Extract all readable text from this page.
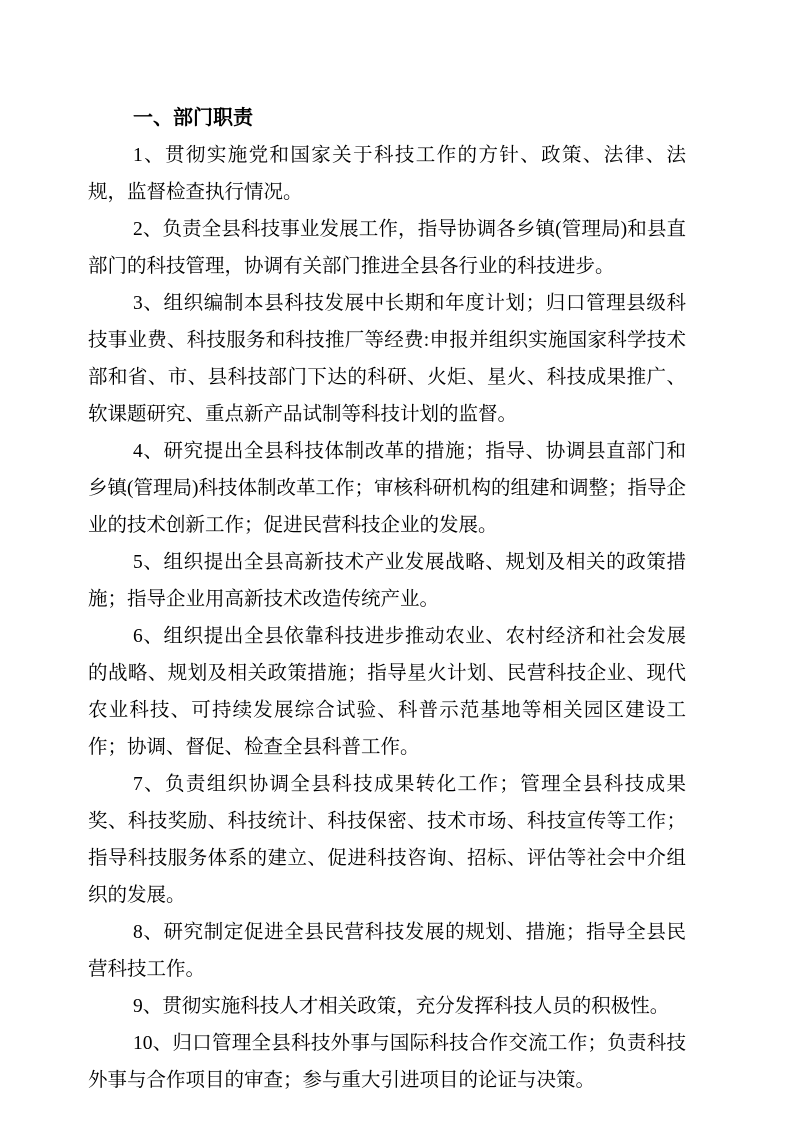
一、部门职责

1、贯彻实施党和国家关于科技工作的方针、政策、法律、法规，监督检查执行情况。

2、负责全县科技事业发展工作，指导协调各乡镇(管理局)和县直部门的科技管理，协调有关部门推进全县各行业的科技进步。

3、组织编制本县科技发展中长期和年度计划；归口管理县级科技事业费、科技服务和科技推厂等经费:申报并组织实施国家科学技术部和省、市、县科技部门下达的科研、火炬、星火、科技成果推广、软课题研究、重点新产品试制等科技计划的监督。

4、研究提出全县科技体制改革的措施；指导、协调县直部门和乡镇(管理局)科技体制改革工作；审核科研机构的组建和调整；指导企业的技术创新工作；促进民营科技企业的发展。

5、组织提出全县高新技术产业发展战略、规划及相关的政策措施；指导企业用高新技术改造传统产业。

6、组织提出全县依靠科技进步推动农业、农村经济和社会发展的战略、规划及相关政策措施；指导星火计划、民营科技企业、现代农业科技、可持续发展综合试验、科普示范基地等相关园区建设工作；协调、督促、检查全县科普工作。

7、负责组织协调全县科技成果转化工作；管理全县科技成果奖、科技奖励、科技统计、科技保密、技术市场、科技宣传等工作；指导科技服务体系的建立、促进科技咨询、招标、评估等社会中介组织的发展。

8、研究制定促进全县民营科技发展的规划、措施；指导全县民营科技工作。

9、贯彻实施科技人才相关政策，充分发挥科技人员的积极性。

10、归口管理全县科技外事与国际科技合作交流工作；负责科技外事与合作项目的审查；参与重大引进项目的论证与决策。
